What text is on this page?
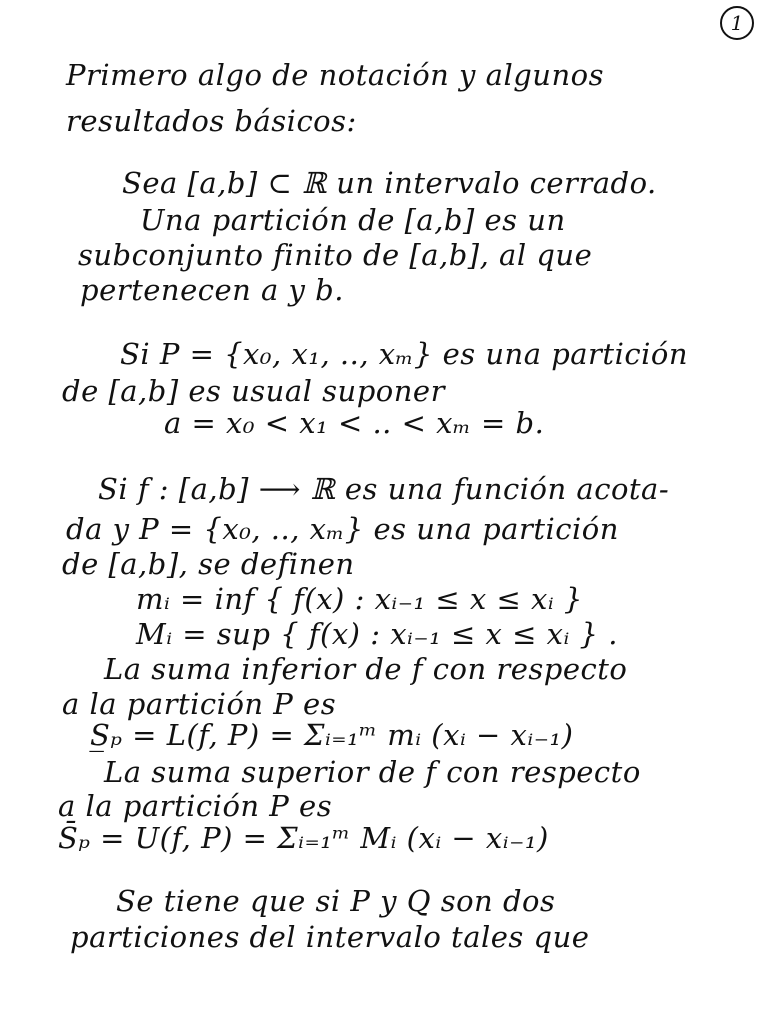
1
Primero algo de notación y algunos
resultados básicos:
Sea [a,b] ⊂ ℝ un intervalo cerrado.
Una partición de [a,b] es un
subconjunto finito de [a,b], al que
pertenecen a y b.
Si P = {x₀, x₁, .., xₘ} es una partición
de [a,b] es usual suponer
a = x₀ < x₁ < .. < xₘ = b.
Si f : [a,b] ⟶ ℝ es una función acota-
da y P = {x₀, .., xₘ} es una partición
de [a,b], se definen
mᵢ = inf { f(x) : xᵢ₋₁ ≤ x ≤ xᵢ }
Mᵢ = sup { f(x) : xᵢ₋₁ ≤ x ≤ xᵢ } .
La suma inferior de f con respecto
a la partición P es
S̲ₚ = L(f, P) = Σᵢ₌₁ᵐ mᵢ (xᵢ − xᵢ₋₁)
La suma superior de f con respecto
a la partición P es
S̄ₚ = U(f, P) = Σᵢ₌₁ᵐ Mᵢ (xᵢ − xᵢ₋₁)
Se tiene que si P y Q son dos
particiones del intervalo tales que
